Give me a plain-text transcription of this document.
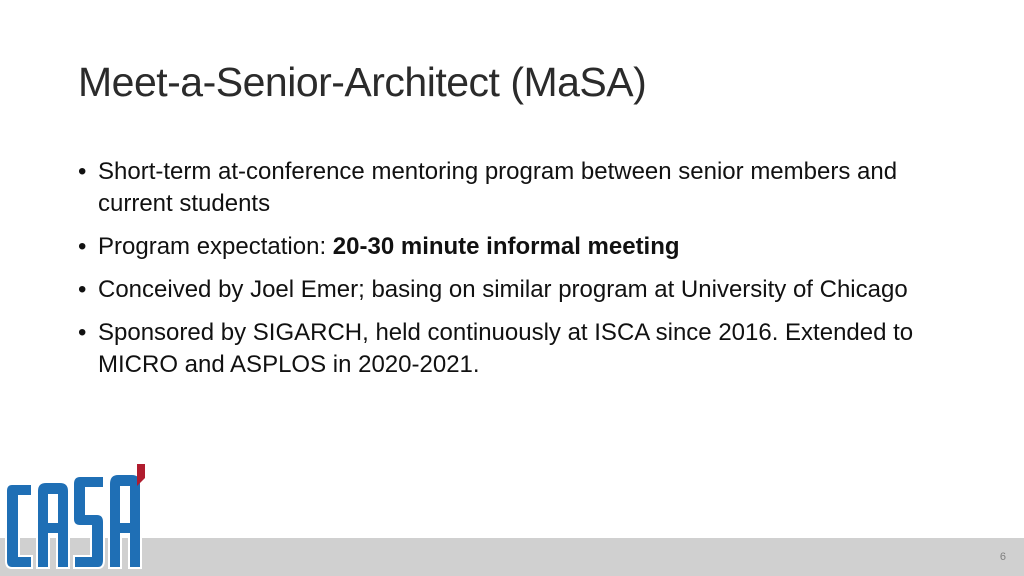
Meet-a-Senior-Architect (MaSA)
• Short-term at-conference mentoring program between senior members and current students
• Program expectation: 20-30 minute informal meeting
• Conceived by Joel Emer; basing on similar program at University of Chicago
• Sponsored by SIGARCH, held continuously at ISCA since 2016. Extended to MICRO and ASPLOS in 2020-2021.
6
